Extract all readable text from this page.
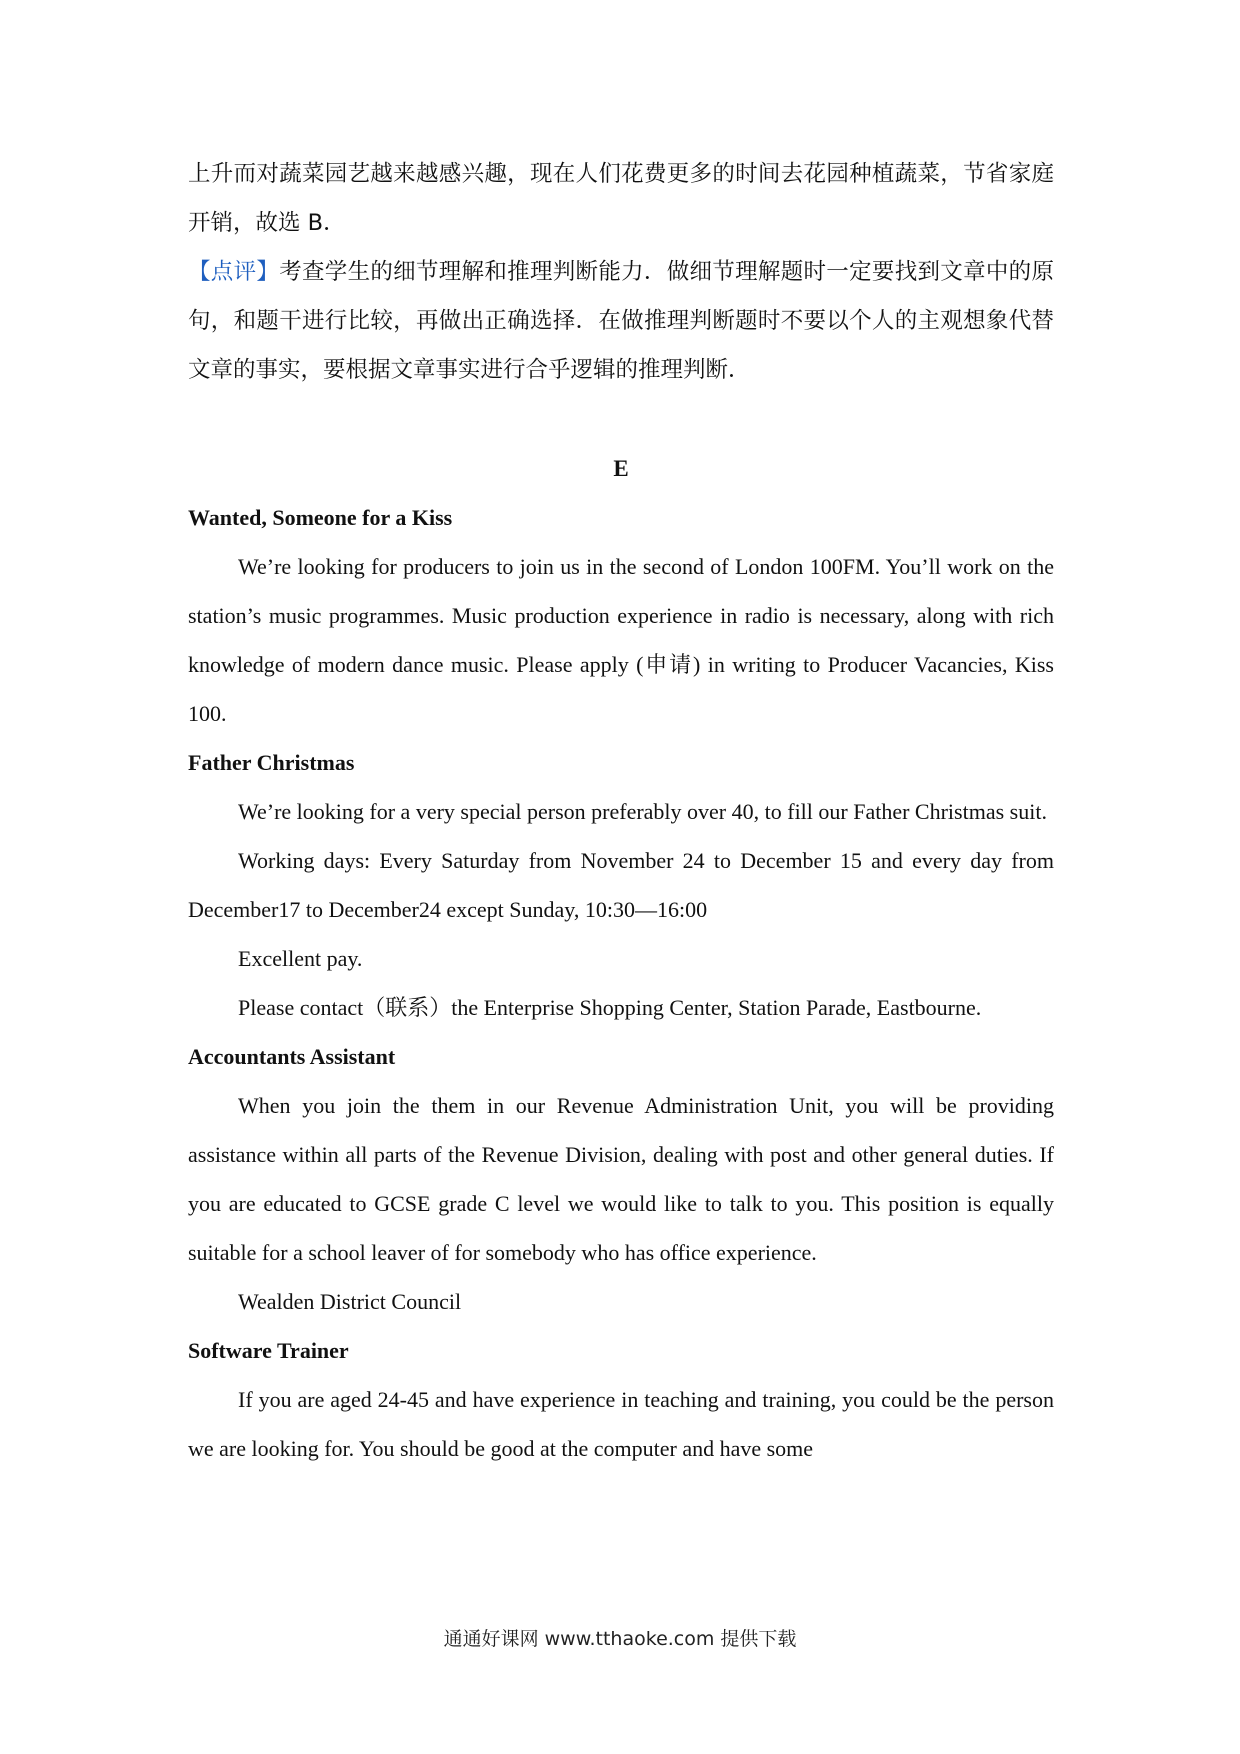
上升而对蔬菜园艺越来越感兴趣，现在人们花费更多的时间去花园种植蔬菜，节省家庭开销，故选 B．

【点评】考查学生的细节理解和推理判断能力．做细节理解题时一定要找到文章中的原句，和题干进行比较，再做出正确选择．在做推理判断题时不要以个人的主观想象代替文章的事实，要根据文章事实进行合乎逻辑的推理判断．

E
Wanted, Someone for a Kiss

We’re looking for producers to join us in the second of London 100FM. You’ll work on the station’s music programmes. Music production experience in radio is necessary, along with rich knowledge of modern dance music. Please apply (申请) in writing to Producer Vacancies, Kiss 100.

Father Christmas

We’re looking for a very special person preferably over 40, to fill our Father Christmas suit.

Working days: Every Saturday from November 24 to December 15 and every day from December17 to December24 except Sunday, 10:30—16:00

Excellent pay.

Please contact（联系）the Enterprise Shopping Center, Station Parade, Eastbourne.

Accountants Assistant

When you join the them in our Revenue Administration Unit, you will be providing assistance within all parts of the Revenue Division, dealing with post and other general duties. If you are educated to GCSE grade C level we would like to talk to you. This position is equally suitable for a school leaver of for somebody who has office experience.

Wealden District Council

Software Trainer

If you are aged 24-45 and have experience in teaching and training, you could be the person we are looking for. You should be good at the computer and have some

通通好课网 www.tthaoke.com 提供下载
